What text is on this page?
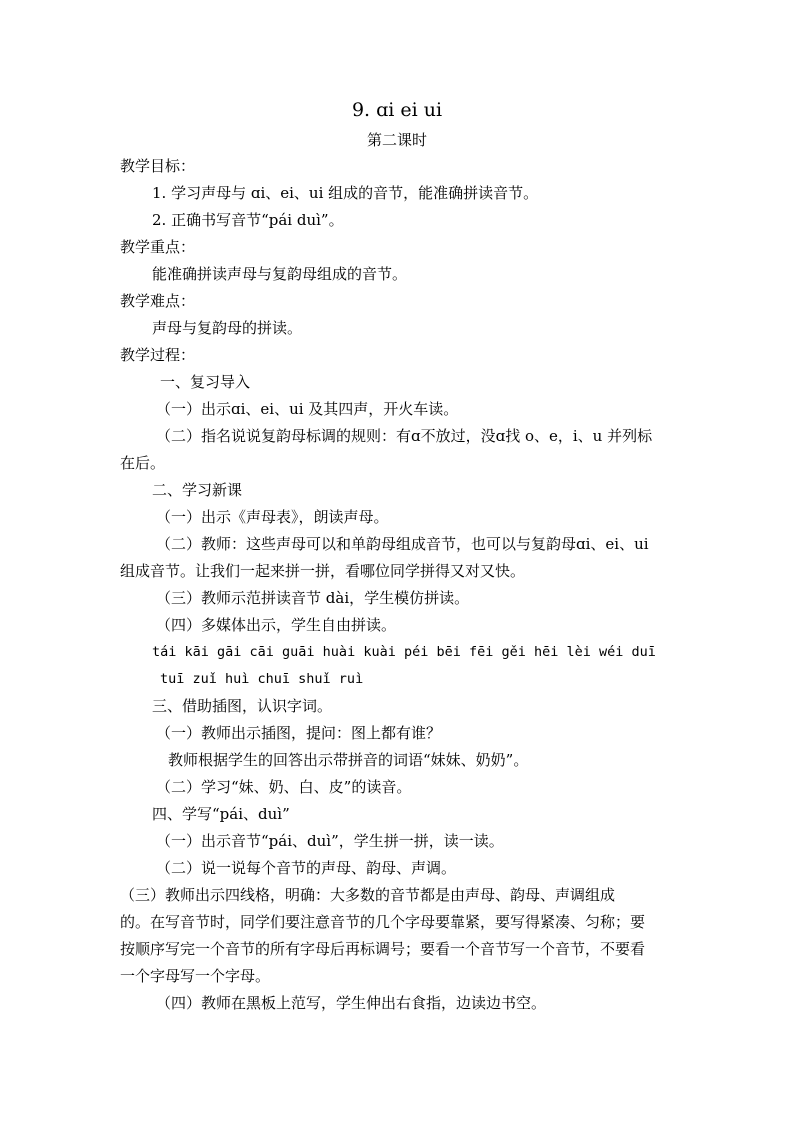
9. ɑi ei ui
第二课时
教学目标：
1. 学习声母与 ɑi、ei、ui 组成的音节，能准确拼读音节。
2. 正确书写音节“pái duì”。
教学重点：
能准确拼读声母与复韵母组成的音节。
教学难点：
声母与复韵母的拼读。
教学过程：
一、复习导入
（一）出示ɑi、ei、ui 及其四声，开火车读。
（二）指名说说复韵母标调的规则：有ɑ不放过，没ɑ找 o、e，i、u 并列标
在后。
二、学习新课
（一）出示《声母表》，朗读声母。
（二）教师：这些声母可以和单韵母组成音节，也可以与复韵母ɑi、ei、ui
组成音节。让我们一起来拼一拼，看哪位同学拼得又对又快。
（三）教师示范拼读音节 dài，学生模仿拼读。
（四）多媒体出示，学生自由拼读。
tái kāi gāi cāi guāi huài kuài péi bēi fēi gěi hēi lèi wéi duī
tuī zuǐ huì chuī shuǐ ruì
三、借助插图，认识字词。
（一）教师出示插图，提问：图上都有谁？
教师根据学生的回答出示带拼音的词语“妹妹、奶奶”。
（二）学习“妹、奶、白、皮”的读音。
四、学写“pái、duì”
（一）出示音节“pái、duì”，学生拼一拼，读一读。
（二）说一说每个音节的声母、韵母、声调。
（三）教师出示四线格，明确：大多数的音节都是由声母、韵母、声调组成
的。在写音节时，同学们要注意音节的几个字母要靠紧，要写得紧凑、匀称；要
按顺序写完一个音节的所有字母后再标调号；要看一个音节写一个音节，不要看
一个字母写一个字母。
（四）教师在黑板上范写，学生伸出右食指，边读边书空。
